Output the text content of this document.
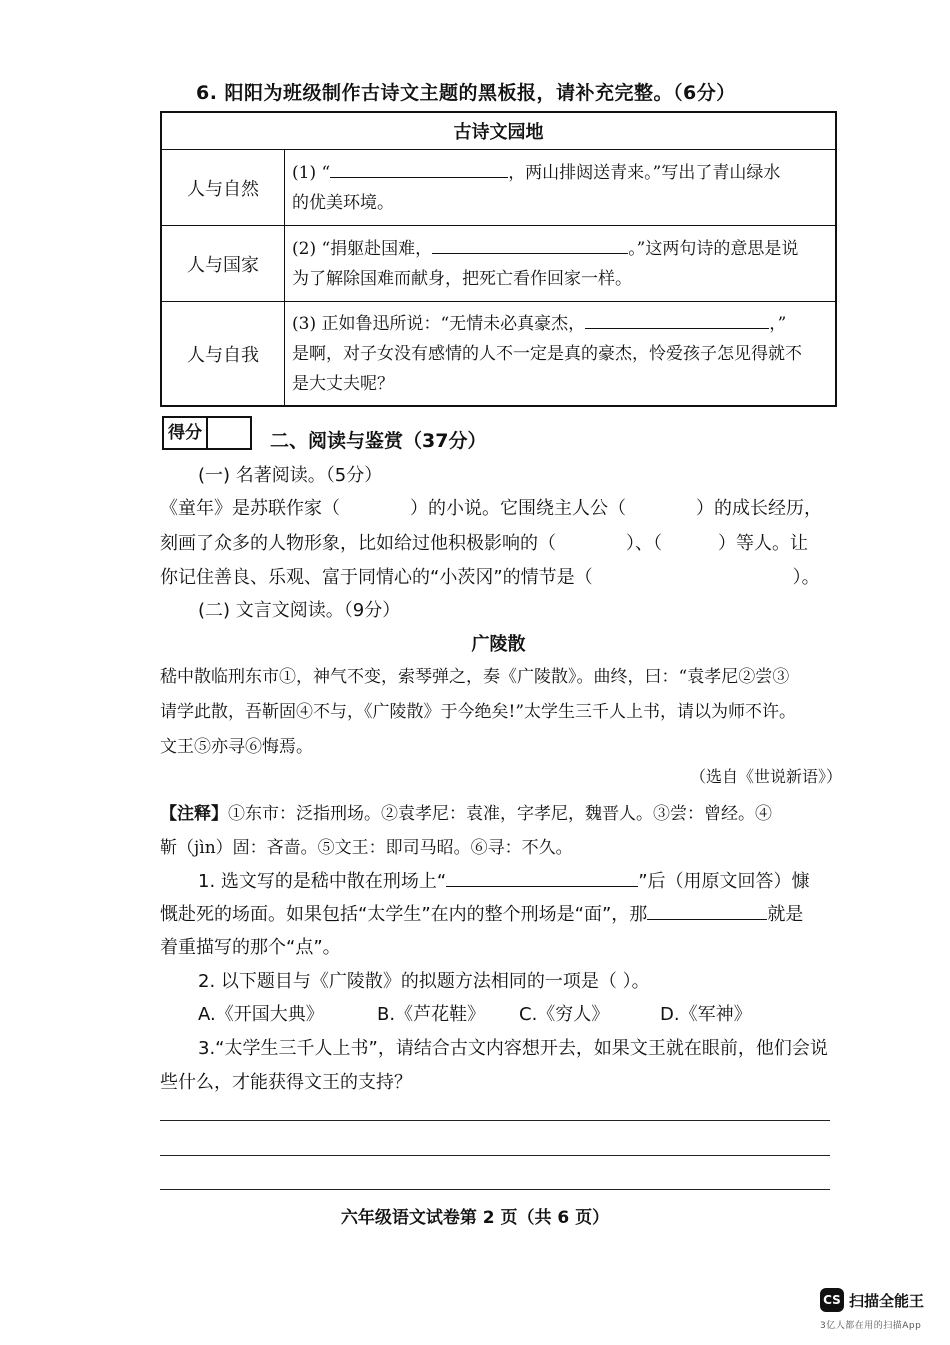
6. 阳阳为班级制作古诗文主题的黑板报，请补充完整。（6分）
古诗文园地	
人与自然	(1) “ ，两山排闼送青来。”写出了青山绿水
的优美环境。

人与国家	(2) “捐躯赴国难， 。”这两句诗的意思是说
为了解除国难而献身，把死亡看作回家一样。

人与自我	(3) 正如鲁迅所说：“无情未必真豪杰， ，”
是啊，对子女没有感情的人不一定是真的豪杰，怜爱孩子怎见得就不
是大丈夫呢？
得分	二、阅读与鉴赏（37分）
(一) 名著阅读。（5分）
《童年》是苏联作家（	）的小说。它围绕主人公（	）的成长经历，
刻画了众多的人物形象，比如给过他积极影响的（	）、（	）等人。让
你记住善良、乐观、富于同情心的“小茨冈”的情节是（	）。
(二) 文言文阅读。（9分）
广陵散
嵇中散临刑东市①，神气不变，索琴弹之，奏《广陵散》。曲终，曰：“袁孝尼②尝③
请学此散，吾靳固④不与，《广陵散》于今绝矣!”太学生三千人上书，请以为师不许。
文王⑤亦寻⑥悔焉。
（选自《世说新语》）
【注释】①东市：泛指刑场。②袁孝尼：袁准，字孝尼，魏晋人。③尝：曾经。④
靳（jìn）固：吝啬。⑤文王：即司马昭。⑥寻：不久。
1. 选文写的是嵇中散在刑场上“	”后（用原文回答）慷
慨赴死的场面。如果包括“太学生”在内的整个刑场是“面”，那	就是
着重描写的那个“点”。
2. 以下题目与《广陵散》的拟题方法相同的一项是（ ）。
A.《开国大典》	B.《芦花鞋》 C.《穷人》	D.《军神》
3.“太学生三千人上书”，请结合古文内容想开去，如果文王就在眼前，他们会说
些什么，才能获得文王的支持？
六年级语文试卷第 2 页（共 6 页）
CS 扫描全能王
3亿人都在用的扫描App
